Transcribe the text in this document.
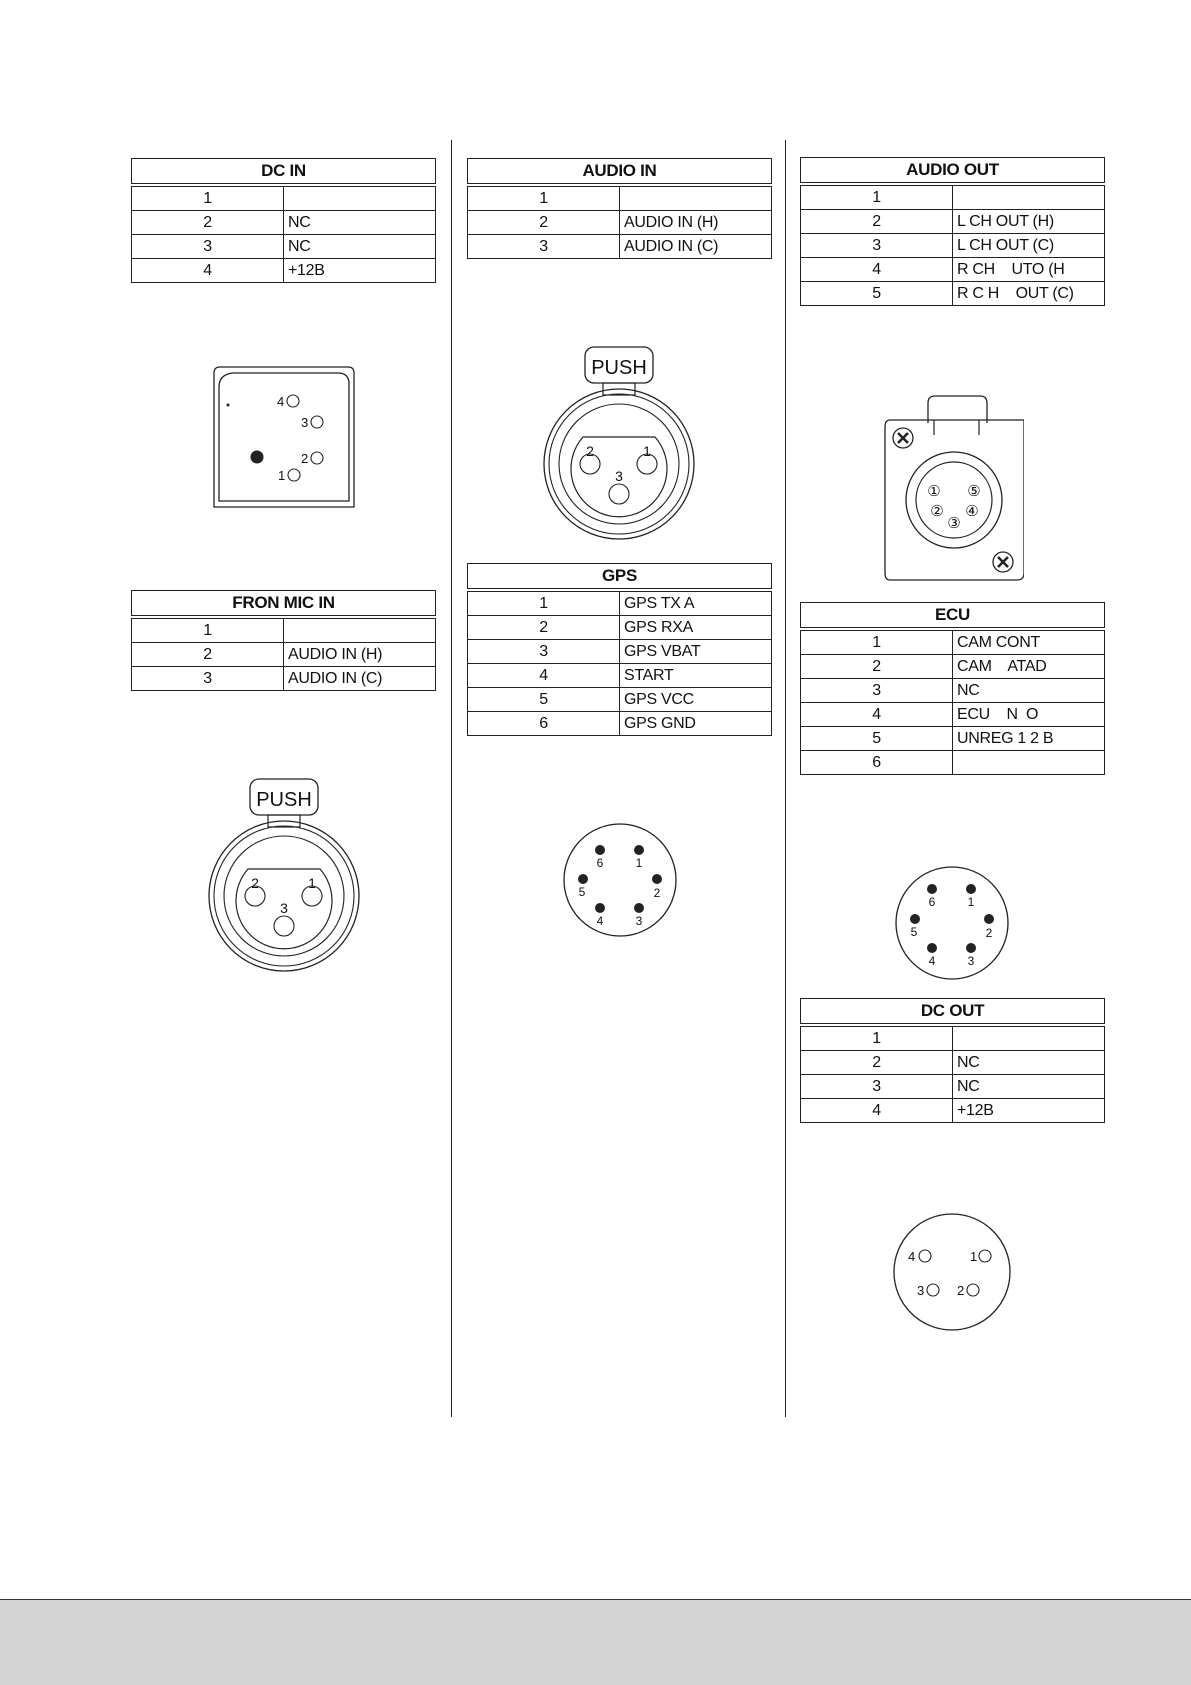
DC IN	
1	
2	NC
3	NC
4	+12B
4
3
2
1
FRON MIC IN	
1	
2	AUDIO IN (H)
3	AUDIO IN (C)
PUSH
2	1
3
AUDIO IN	
1	
2	AUDIO IN (H)
3	AUDIO IN (C)
PUSH
2	1
3
GPS	
1	GPS TX A
2	GPS RXA
3	GPS VBAT
4	START
5	GPS VCC
6	GPS GND
6	1
5	2
4	3
AUDIO OUT	
1	
2	L CH OUT (H)
3	L CH OUT (C)
4	R CH    UTO (H
5	R C H    OUT (C)
① ⑤
② ④
③
ECU	
1	CAM CONT
2	CAM    ATAD
3	NC
4	ECU    N  O
5	UNREG 1 2 B
6	
6	1
5	2
4	3
DC OUT	
1	
2	NC
3	NC
4	+12B
4	1
3	2
